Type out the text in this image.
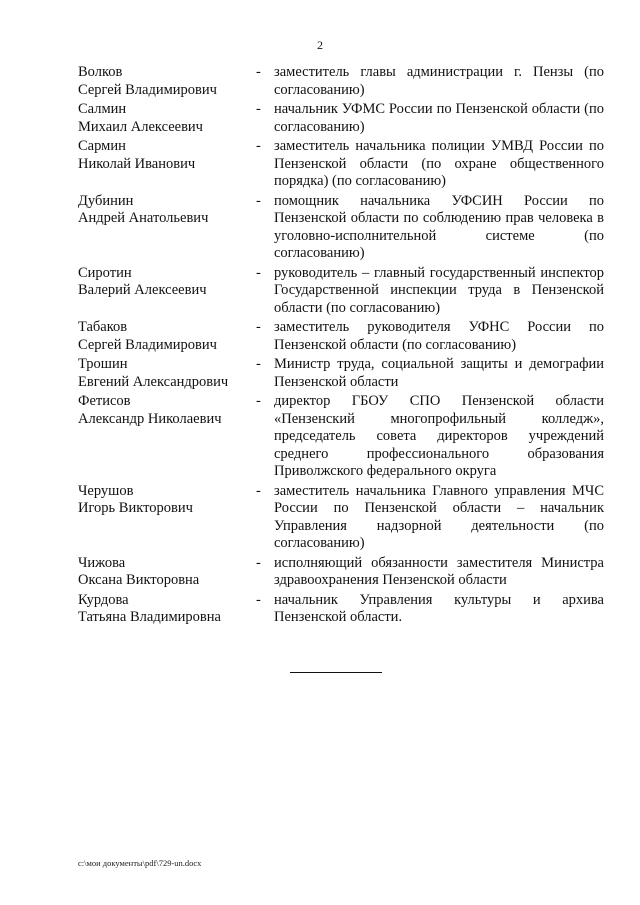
2
Волков
Сергей Владимирович
- заместитель главы администрации г. Пензы (по согласованию)
Салмин
Михаил Алексеевич
- начальник УФМС России по Пензенской области (по согласованию)
Сармин
Николай Иванович
- заместитель начальника полиции УМВД России по Пензенской области (по охране общественного порядка) (по согласованию)
Дубинин
Андрей Анатольевич
- помощник начальника УФСИН России по Пензенской области по соблюдению прав человека в уголовно-исполнительной системе (по согласованию)
Сиротин
Валерий Алексеевич
- руководитель – главный государственный инспектор Государственной инспекции труда в Пензенской области (по согласованию)
Табаков
Сергей Владимирович
- заместитель руководителя УФНС России по Пензенской области (по согласованию)
Трошин
Евгений Александрович
- Министр труда, социальной защиты и демографии Пензенской области
Фетисов
Александр Николаевич
- директор ГБОУ СПО Пензенской области «Пензенский многопрофильный колледж», председатель совета директоров учреждений среднего профессионального образования Приволжского федерального округа
Черушов
Игорь Викторович
- заместитель начальника Главного управления МЧС России по Пензенской области – начальник Управления надзорной деятельности (по согласованию)
Чижова
Оксана Викторовна
- исполняющий обязанности заместителя Министра здравоохранения Пензенской области
Курдова
Татьяна Владимировна
- начальник Управления культуры и архива Пензенской области.
c:\мои документы\pdf\729-un.docx
